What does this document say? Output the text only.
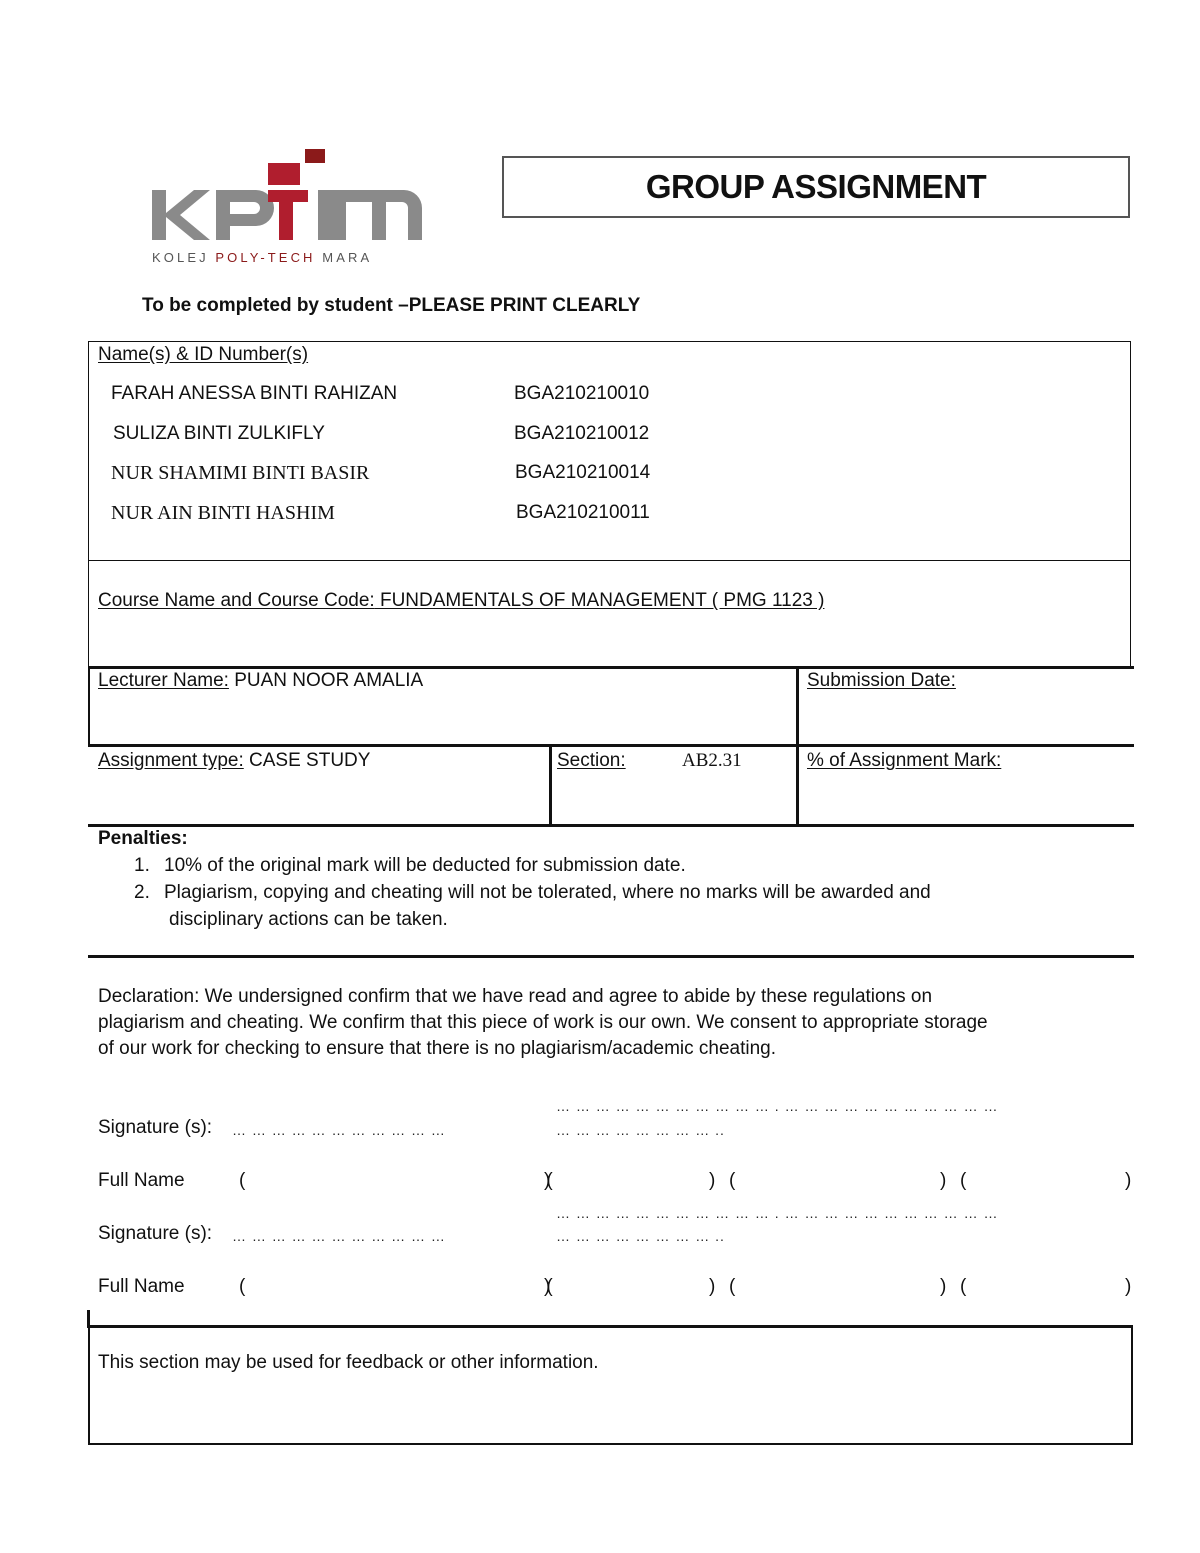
KOLEJ POLY-TECH MARA
GROUP ASSIGNMENT
To be completed by student –PLEASE PRINT CLEARLY
Name(s) & ID Number(s)
FARAH ANESSA BINTI RAHIZAN	BGA210210010
SULIZA BINTI ZULKIFLY	BGA210210012
NUR SHAMIMI BINTI BASIR	BGA210210014
NUR AIN BINTI HASHIM	BGA210210011
Course Name and Course Code: FUNDAMENTALS OF MANAGEMENT ( PMG 1123 )
Lecturer Name: PUAN NOOR AMALIA	Submission Date:
Assignment type: CASE STUDY	Section:	AB2.31	% of Assignment Mark:
Penalties:
1. 10% of the original mark will be deducted for submission date.
2. Plagiarism, copying and cheating will not be tolerated, where no marks will be awarded and
disciplinary actions can be taken.
Declaration: We undersigned confirm that we have read and agree to abide by these regulations on
plagiarism and cheating. We confirm that this piece of work is our own. We consent to appropriate storage
of our work for checking to ensure that there is no plagiarism/academic cheating.
… … … … … … … … … … … . … … … … … … … … … … …
Signature (s): … … … … … … … … … … …	… … … … … … … … ..
Full Name	(	)(	) (	) (	)
… … … … … … … … … … … . … … … … … … … … … … …
Signature (s): … … … … … … … … … … …	… … … … … … … … ..
Full Name	(	)(	) (	) (	)
This section may be used for feedback or other information.
